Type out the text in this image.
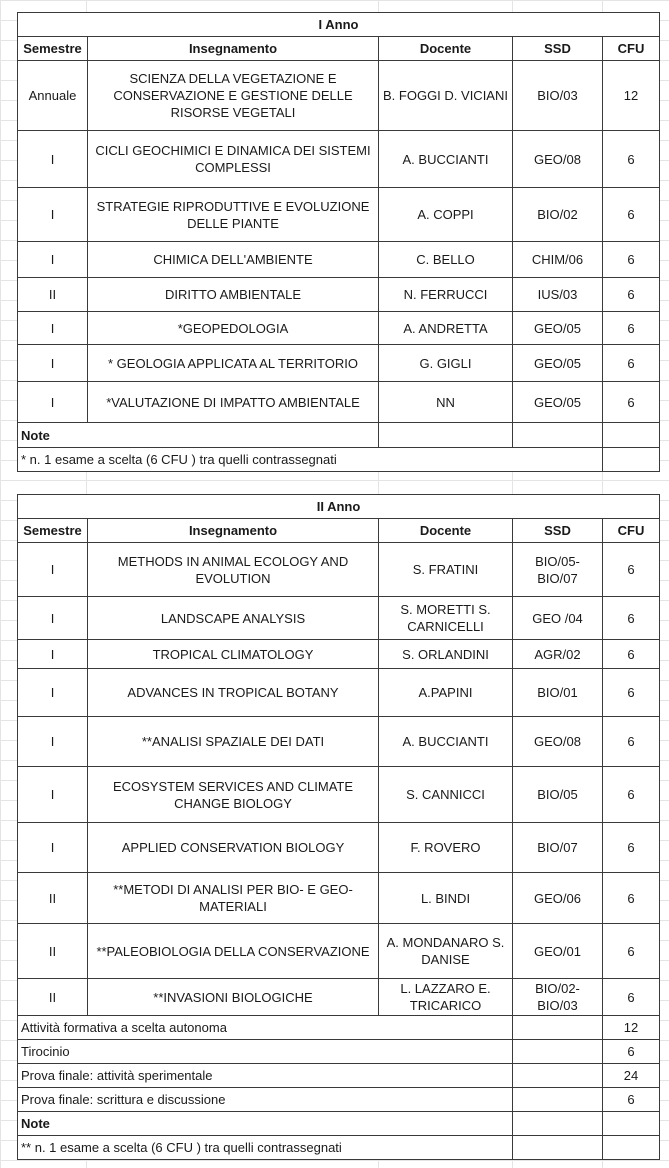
I Anno				
Semestre	Insegnamento	Docente	SSD	CFU
Annuale	SCIENZA DELLA VEGETAZIONE E CONSERVAZIONE E GESTIONE DELLE RISORSE VEGETALI	B. FOGGI D. VICIANI	BIO/03	12
I	CICLI GEOCHIMICI E DINAMICA DEI SISTEMI COMPLESSI	A. BUCCIANTI	GEO/08	6
I	STRATEGIE RIPRODUTTIVE E EVOLUZIONE DELLE PIANTE	A. COPPI	BIO/02	6
I	CHIMICA DELL'AMBIENTE	C. BELLO	CHIM/06	6
II	DIRITTO AMBIENTALE	N. FERRUCCI	IUS/03	6
I	*GEOPEDOLOGIA	A. ANDRETTA	GEO/05	6
I	* GEOLOGIA APPLICATA AL TERRITORIO	G. GIGLI	GEO/05	6
I	*VALUTAZIONE DI IMPATTO AMBIENTALE	NN	GEO/05	6
Note				
* n. 1 esame a scelta (6 CFU ) tra quelli contrassegnati				
II Anno				
Semestre	Insegnamento	Docente	SSD	CFU
I	METHODS IN ANIMAL ECOLOGY AND EVOLUTION	S. FRATINI	BIO/05-BIO/07	6
I	LANDSCAPE ANALYSIS	S. MORETTI S. CARNICELLI	GEO /04	6
I	TROPICAL CLIMATOLOGY	S. ORLANDINI	AGR/02	6
I	ADVANCES IN TROPICAL BOTANY	A.PAPINI	BIO/01	6
I	**ANALISI SPAZIALE DEI DATI	A. BUCCIANTI	GEO/08	6
I	ECOSYSTEM SERVICES AND CLIMATE CHANGE BIOLOGY	S. CANNICCI	BIO/05	6
I	APPLIED CONSERVATION BIOLOGY	F. ROVERO	BIO/07	6
II	**METODI DI ANALISI PER BIO- E GEO-MATERIALI	L. BINDI	GEO/06	6
II	**PALEOBIOLOGIA DELLA CONSERVAZIONE	A. MONDANARO S. DANISE	GEO/01	6
II	**INVASIONI BIOLOGICHE	L. LAZZARO E. TRICARICO	BIO/02-BIO/03	6
Attività formativa a scelta autonoma				12
Tirocinio				6
Prova finale: attività sperimentale				24
Prova finale: scrittura e discussione				6
Note				
** n. 1 esame a scelta (6 CFU ) tra quelli contrassegnati				
